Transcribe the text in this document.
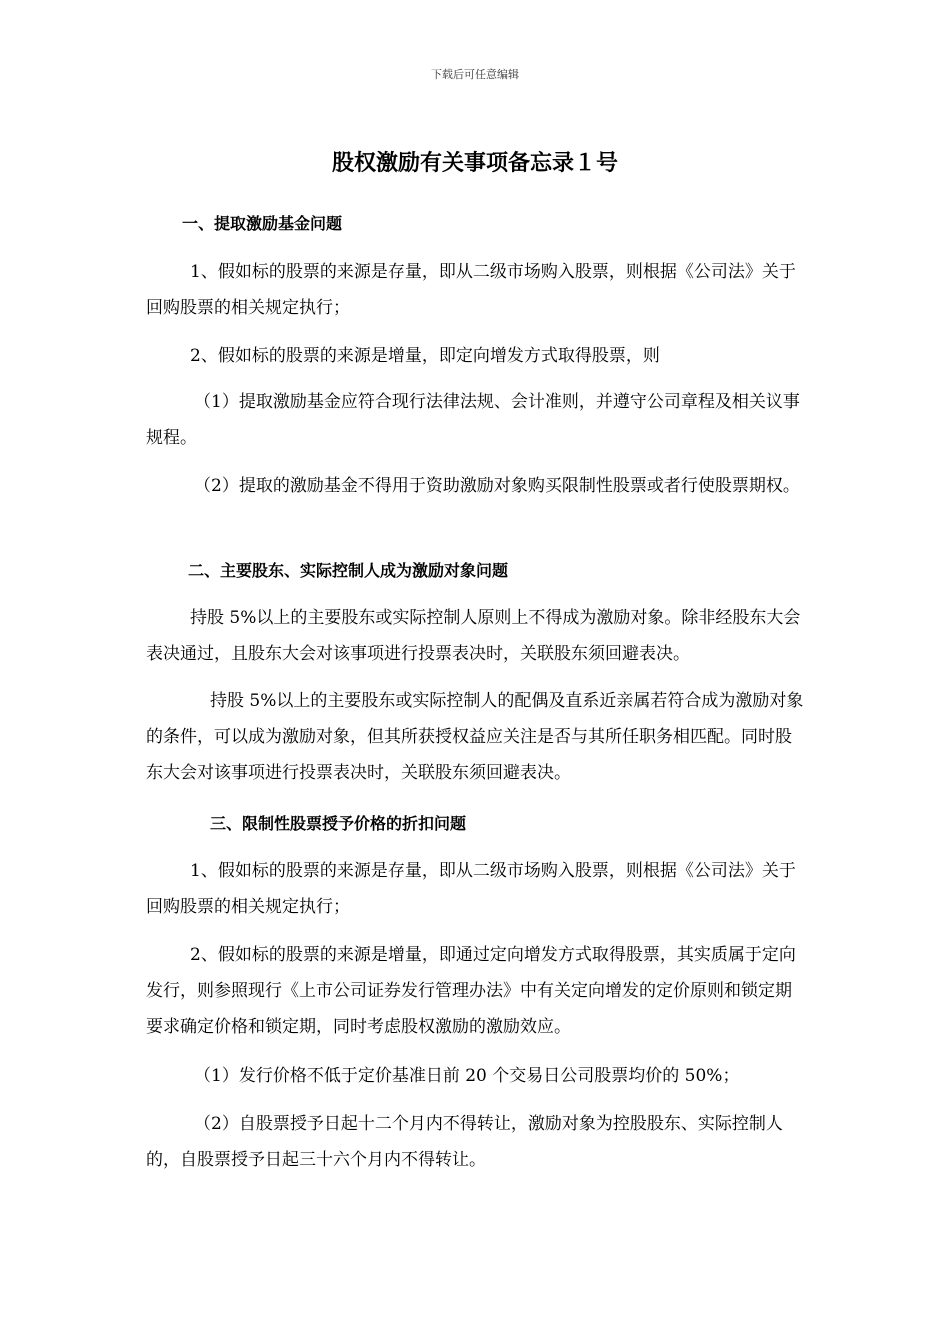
下载后可任意编辑
股权激励有关事项备忘录１号

一、提取激励基金问题

1、假如标的股票的来源是存量，即从二级市场购入股票，则根据《公司法》关于回购股票的相关规定执行；

2、假如标的股票的来源是增量，即定向增发方式取得股票，则

（1）提取激励基金应符合现行法律法规、会计准则，并遵守公司章程及相关议事规程。

（2）提取的激励基金不得用于资助激励对象购买限制性股票或者行使股票期权。

二、主要股东、实际控制人成为激励对象问题

持股 5%以上的主要股东或实际控制人原则上不得成为激励对象。除非经股东大会表决通过，且股东大会对该事项进行投票表决时，关联股东须回避表决。

持股 5%以上的主要股东或实际控制人的配偶及直系近亲属若符合成为激励对象的条件，可以成为激励对象，但其所获授权益应关注是否与其所任职务相匹配。同时股东大会对该事项进行投票表决时，关联股东须回避表决。

三、限制性股票授予价格的折扣问题

1、假如标的股票的来源是存量，即从二级市场购入股票，则根据《公司法》关于回购股票的相关规定执行；

2、假如标的股票的来源是增量，即通过定向增发方式取得股票，其实质属于定向发行，则参照现行《上市公司证券发行管理办法》中有关定向增发的定价原则和锁定期要求确定价格和锁定期，同时考虑股权激励的激励效应。

（1）发行价格不低于定价基准日前 20 个交易日公司股票均价的 50%；

（2）自股票授予日起十二个月内不得转让，激励对象为控股股东、实际控制人的，自股票授予日起三十六个月内不得转让。
